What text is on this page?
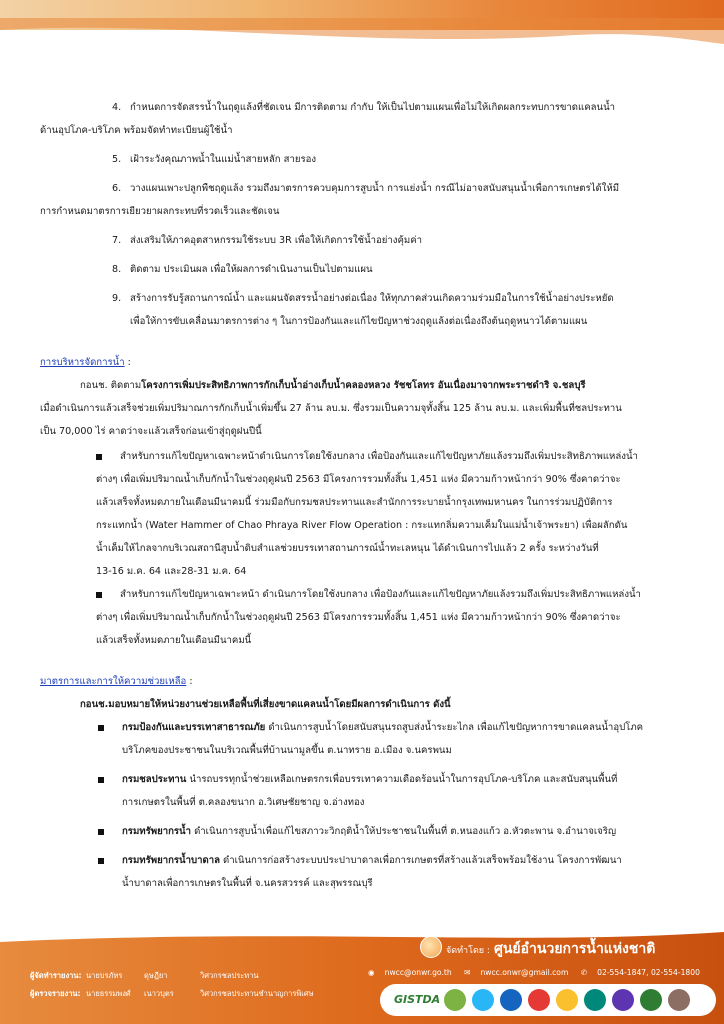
4. กำหนดการจัดสรรน้ำในฤดูแล้งที่ชัดเจน มีการติดตาม กำกับ ให้เป็นไปตามแผนเพื่อไม่ให้เกิดผลกระทบการขาดแคลนน้ำ
ด้านอุปโภค-บริโภค พร้อมจัดทำทะเบียนผู้ใช้น้ำ
5. เฝ้าระวังคุณภาพน้ำในแม่น้ำสายหลัก สายรอง
6. วางแผนเพาะปลูกพืชฤดูแล้ง รวมถึงมาตรการควบคุมการสูบน้ำ การแย่งน้ำ กรณีไม่อาจสนับสนุนน้ำเพื่อการเกษตรได้ให้มี
การกำหนดมาตรการเยียวยาผลกระทบที่รวดเร็วและชัดเจน
7. ส่งเสริมให้ภาคอุตสาหกรรมใช้ระบบ 3R เพื่อให้เกิดการใช้น้ำอย่างคุ้มค่า
8. ติดตาม ประเมินผล เพื่อให้ผลการดำเนินงานเป็นไปตามแผน
9. สร้างการรับรู้สถานการณ์น้ำ และแผนจัดสรรน้ำอย่างต่อเนื่อง ให้ทุกภาคส่วนเกิดความร่วมมือในการใช้น้ำอย่างประหยัด
เพื่อให้การขับเคลื่อนมาตรการต่าง ๆ ในการป้องกันและแก้ไขปัญหาช่วงฤดูแล้งต่อเนื่องถึงต้นฤดูหนาวได้ตามแผน
การบริหารจัดการน้ำ :
กอนช. ติดตามโครงการเพิ่มประสิทธิภาพการกักเก็บน้ำอ่างเก็บน้ำคลองหลวง รัชชโลทร อันเนื่องมาจากพระราชดำริ จ.ชลบุรี
เมื่อดำเนินการแล้วเสร็จช่วยเพิ่มปริมาณการกักเก็บน้ำเพิ่มขึ้น 27 ล้าน ลบ.ม. ซึ่งรวมเป็นความจุทั้งสิ้น 125 ล้าน ลบ.ม. และเพิ่มพื้นที่ชลประทาน
เป็น 70,000 ไร่ คาดว่าจะแล้วเสร็จก่อนเข้าสู่ฤดูฝนปีนี้
สำหรับการแก้ไขปัญหาเฉพาะหน้าดำเนินการโดยใช้งบกลาง เพื่อป้องกันและแก้ไขปัญหาภัยแล้งรวมถึงเพิ่มประสิทธิภาพแหล่งน้ำ
ต่างๆ เพื่อเพิ่มปริมาณน้ำเก็บกักน้ำในช่วงฤดูฝนปี 2563 มีโครงการรวมทั้งสิ้น 1,451 แห่ง มีความก้าวหน้ากว่า 90% ซึ่งคาดว่าจะ
แล้วเสร็จทั้งหมดภายในเดือนมีนาคมนี้ ร่วมมือกับกรมชลประทานและสำนักการระบายน้ำกรุงเทพมหานคร ในการร่วมปฏิบัติการ
กระแทกน้ำ (Water Hammer of Chao Phraya River Flow Operation : กระแทกลิ่มความเค็มในแม่น้ำเจ้าพระยา) เพื่อผลักดัน
น้ำเค็มให้ไกลจากบริเวณสถานีสูบน้ำดิบสำแลช่วยบรรเทาสถานการณ์น้ำทะเลหนุน ได้ดำเนินการไปแล้ว 2 ครั้ง ระหว่างวันที่
13-16 ม.ค. 64 และ28-31 ม.ค. 64
สำหรับการแก้ไขปัญหาเฉพาะหน้า ดำเนินการโดยใช้งบกลาง เพื่อป้องกันและแก้ไขปัญหาภัยแล้งรวมถึงเพิ่มประสิทธิภาพแหล่งน้ำ
ต่างๆ เพื่อเพิ่มปริมาณน้ำเก็บกักน้ำในช่วงฤดูฝนปี 2563 มีโครงการรวมทั้งสิ้น 1,451 แห่ง มีความก้าวหน้ากว่า 90% ซึ่งคาดว่าจะ
แล้วเสร็จทั้งหมดภายในเดือนมีนาคมนี้
มาตรการและการให้ความช่วยเหลือ :
กอนช.มอบหมายให้หน่วยงานช่วยเหลือพื้นที่เสี่ยงขาดแคลนน้ำโดยมีผลการดำเนินการ ดังนี้
กรมป้องกันและบรรเทาสาธารณภัย ดำเนินการสูบน้ำโดยสนับสนุนรถสูบส่งน้ำระยะไกล เพื่อแก้ไขปัญหาการขาดแคลนน้ำอุปโภค
บริโภคของประชาชนในบริเวณพื้นที่บ้านนามูลขึ้น ต.นาทราย อ.เมือง จ.นครพนม
กรมชลประทาน นำรถบรรทุกน้ำช่วยเหลือเกษตรกรเพื่อบรรเทาความเดือดร้อนน้ำในการอุปโภค-บริโภค และสนับสนุนพื้นที่
การเกษตรในพื้นที่ ต.คลองขนาก อ.วิเศษชัยชาญ จ.อ่างทอง
กรมทรัพยากรน้ำ ดำเนินการสูบน้ำเพื่อแก้ไขสภาวะวิกฤติน้ำให้ประชาชนในพื้นที่ ต.หนองแก้ว อ.หัวตะพาน จ.อำนาจเจริญ
กรมทรัพยากรน้ำบาดาล ดำเนินการก่อสร้างระบบประปาบาดาลเพื่อการเกษตรที่สร้างแล้วเสร็จพร้อมใช้งาน โครงการพัฒนา
น้ำบาดาลเพื่อการเกษตรในพื้นที่ จ.นครสวรรค์ และสุพรรณบุรี
ผู้จัดทำรายงาน: นายบรภัทร	ดุษฎียา	วิศวกรชลประทาน
ผู้ตรวจรายงาน: นายธรรมพงศ์ เนาวบุตร	วิศวกรชลประทานชำนาญการพิเศษ
จัดทำโดย : ศูนย์อำนวยการน้ำแห่งชาติ
◉ nwcc@onwr.go.th ✉ nwcc.onwr@gmail.com ✆ 02-554-1847, 02-554-1800
GISTDA
